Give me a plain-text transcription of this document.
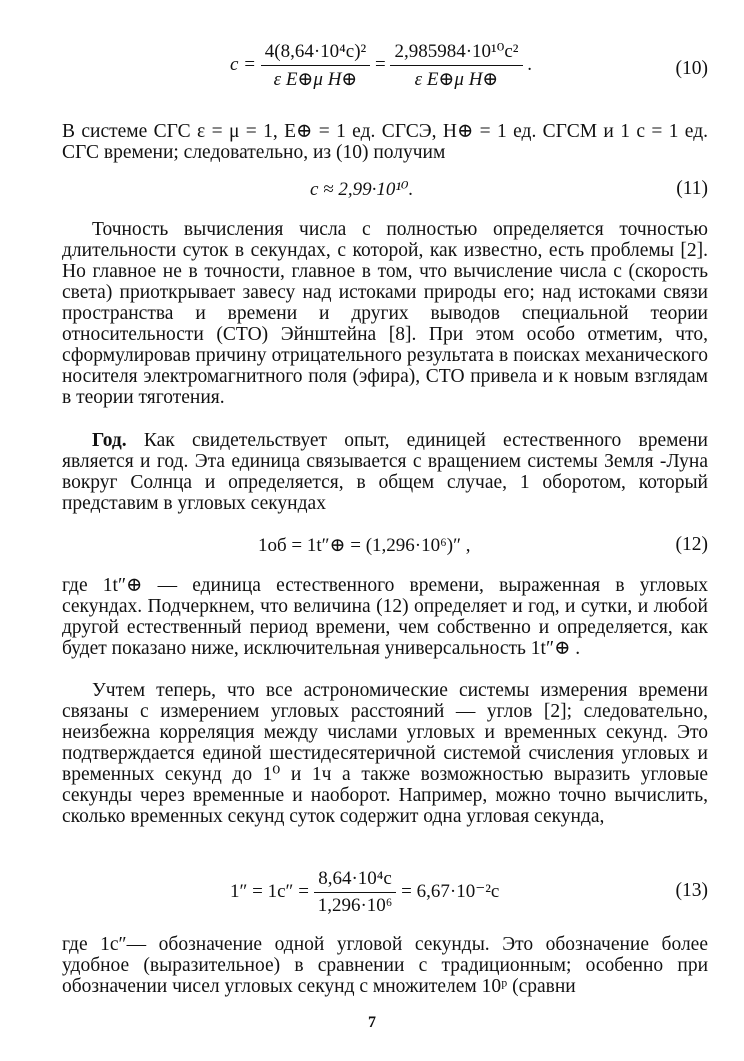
$c = \frac{\text{4(8,64·10⁴c)²}}{\text{ε E⊕μ H⊕}} = \frac{\text{2,985984·10¹⁰c²}}{\text{ε E⊕μ H⊕}}$ .	(10)

В системе СГС ε = μ = 1, E⊕ = 1 ед. СГСЭ, H⊕ = 1 ед. СГСМ и 1 с = 1 ед. СГС времени; следовательно, из (10) получим

c ≈ 2,99·10¹⁰.	(11)

Точность вычисления числа c полностью определяется точностью длительности суток в секундах, с которой, как известно, есть проблемы [2]. Но главное не в точности, главное в том, что вычисление числа c (скорость света) приоткрывает завесу над истоками природы его; над истоками связи пространства и времени и других выводов специальной теории относительности (СТО) Эйнштейна [8]. При этом особо отметим, что, сформулировав причину отрицательного результата в поисках механического носителя электромагнитного поля (эфира), СТО привела и к новым взглядам в теории тяготения.

Год. Как свидетельствует опыт, единицей естественного времени является и год. Эта единица связывается с вращением системы Земля -Луна вокруг Солнца и определяется, в общем случае, 1 оборотом, который представим в угловых секундах

1об = 1t″⊕ = (1,296·10⁶)″ ,	(12)

где 1t″⊕ — единица естественного времени, выраженная в угловых секундах. Подчеркнем, что величина (12) определяет и год, и сутки, и любой другой естественный период времени, чем собственно и определяется, как будет показано ниже, исключительная универсальность 1t″⊕ .

Учтем теперь, что все астрономические системы измерения времени связаны с измерением угловых расстояний — углов [2]; следовательно, неизбежна корреляция между числами угловых и временных секунд. Это подтверждается единой шестидесятеричной системой счисления угловых и временных секунд до 1⁰ и 1ч а также возможностью выразить угловые секунды через временные и наоборот. Например, можно точно вычислить, сколько временных секунд суток содержит одна угловая секунда,

$1'' = 1c'' = \frac{\text{8,64·10⁴c}}{\text{1,296·10⁶}} = 6,67\cdot 10^{-2}c$	(13)

где 1c″— обозначение одной угловой секунды. Это обозначение более удобное (выразительное) в сравнении с традиционным; особенно при обозначении чисел угловых секунд с множителем 10ᵖ (сравни

7
